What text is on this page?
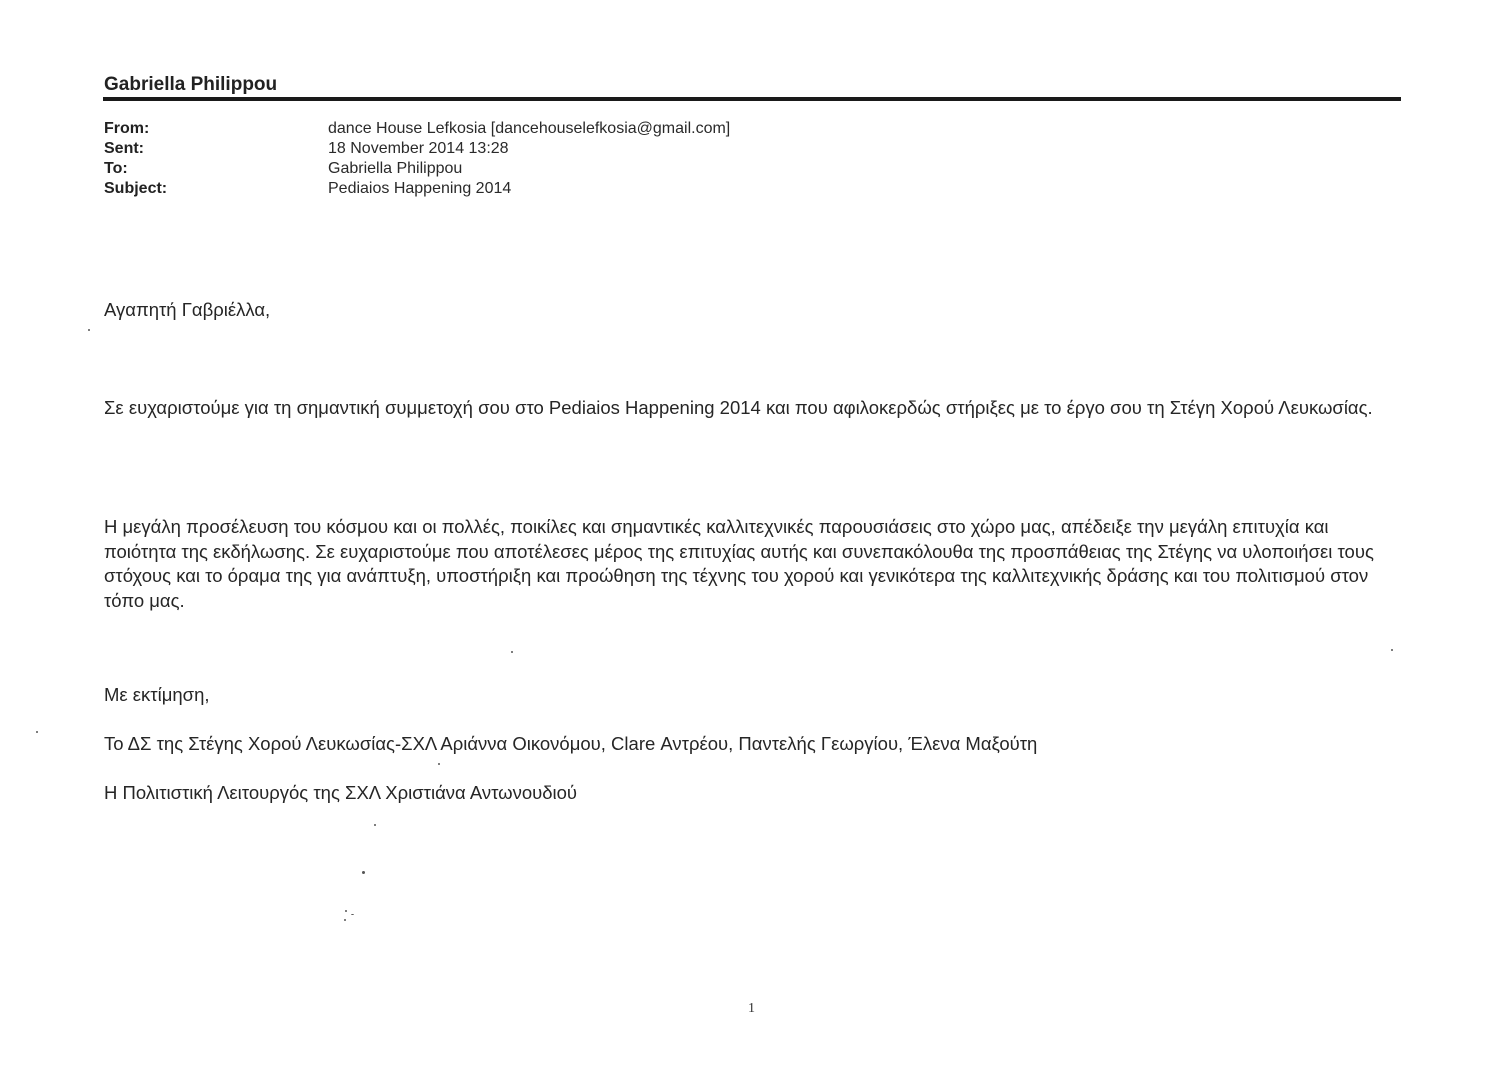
Gabriella Philippou
From:	dance House Lefkosia [dancehouselefkosia@gmail.com]
Sent:	18 November 2014 13:28
To:	Gabriella Philippou
Subject:	Pediaios Happening 2014
Αγαπητή Γαβριέλλα,
Σε ευχαριστούμε για τη σημαντική συμμετοχή σου στο Pediaios Happening 2014 και που αφιλοκερδώς στήριξες με το έργο σου τη Στέγη Χορού Λευκωσίας.
Η μεγάλη προσέλευση του κόσμου και οι πολλές, ποικίλες και σημαντικές καλλιτεχνικές παρουσιάσεις στο χώρο μας, απέδειξε την μεγάλη επιτυχία και ποιότητα της εκδήλωσης. Σε ευχαριστούμε που αποτέλεσες μέρος της επιτυχίας αυτής και συνεπακόλουθα της προσπάθειας της Στέγης να υλοποιήσει τους στόχους και το όραμα της για ανάπτυξη, υποστήριξη και προώθηση της τέχνης του χορού και γενικότερα της καλλιτεχνικής δράσης και του πολιτισμού στον τόπο μας.
Με εκτίμηση,
Το ΔΣ της Στέγης Χορού Λευκωσίας-ΣΧΛ Αριάννα Οικονόμου, Clare Αντρέου, Παντελής Γεωργίου, Έλενα Μαξούτη
Η Πολιτιστική Λειτουργός της ΣΧΛ Χριστιάνα Αντωνουδιού
1
